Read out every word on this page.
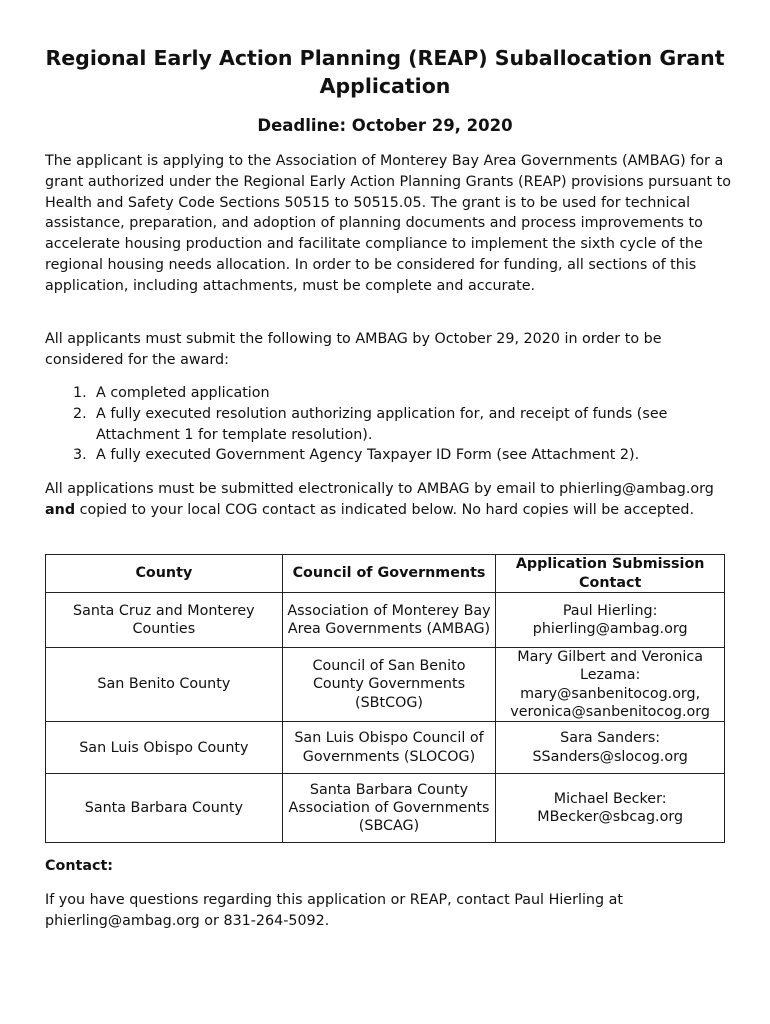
Regional Early Action Planning (REAP) Suballocation Grant
Application
Deadline: October 29, 2020

The applicant is applying to the Association of Monterey Bay Area Governments (AMBAG) for a grant authorized under the Regional Early Action Planning Grants (REAP) provisions pursuant to Health and Safety Code Sections 50515 to 50515.05. The grant is to be used for technical assistance, preparation, and adoption of planning documents and process improvements to accelerate housing production and facilitate compliance to implement the sixth cycle of the regional housing needs allocation. In order to be considered for funding, all sections of this application, including attachments, must be complete and accurate.

All applicants must submit the following to AMBAG by October 29, 2020 in order to be considered for the award:

1. A completed application
2. A fully executed resolution authorizing application for, and receipt of funds (see Attachment 1 for template resolution).
3. A fully executed Government Agency Taxpayer ID Form (see Attachment 2).

All applications must be submitted electronically to AMBAG by email to phierling@ambag.org and copied to your local COG contact as indicated below. No hard copies will be accepted.

County	Council of Governments	Application Submission Contact
Santa Cruz and Monterey Counties	Association of Monterey Bay Area Governments (AMBAG)	Paul Hierling:
phierling@ambag.org

San Benito County	Council of San Benito County Governments (SBtCOG)	Mary Gilbert and Veronica Lezama:
mary@sanbenitocog.org,
veronica@sanbenitocog.org

San Luis Obispo County	San Luis Obispo Council of Governments (SLOCOG)	Sara Sanders:
SSanders@slocog.org

Santa Barbara County	Santa Barbara County Association of Governments (SBCAG)	Michael Becker:
MBecker@sbcag.org

Contact:

If you have questions regarding this application or REAP, contact Paul Hierling at phierling@ambag.org or 831-264-5092.
